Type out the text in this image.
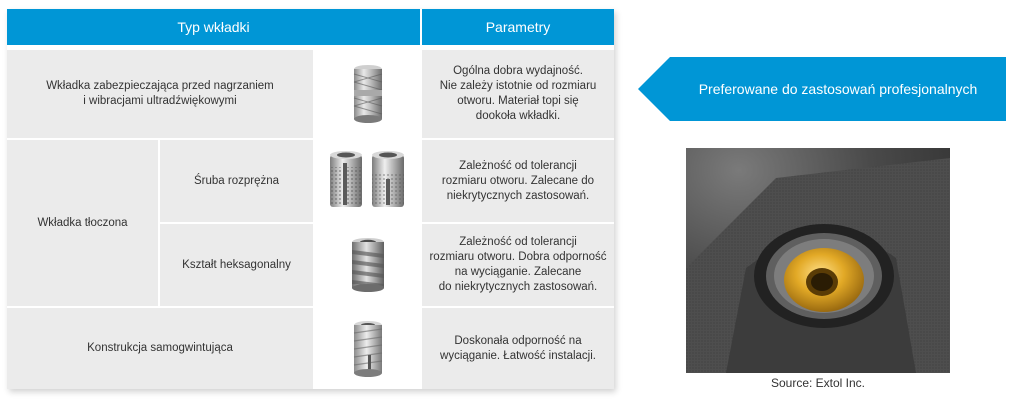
Typ wkładki	Parametry
Wkładka zabezpieczająca przed nagrzaniem
i wibracjami ultradźwiękowymi
Ogólna dobra wydajność.
Nie zależy istotnie od rozmiaru
otworu. Materiał topi się
dookoła wkładki.
Wkładka tłoczona
Śruba rozprężna
Zależność od tolerancji
rozmiaru otworu. Zalecane do
niekrytycznych zastosowań.
Kształt heksagonalny
Zależność od tolerancji
rozmiaru otworu. Dobra odporność
na wyciąganie. Zalecane
do niekrytycznych zastosowań.
Konstrukcja samogwintująca
Doskonała odporność na
wyciąganie. Łatwość instalacji.
Preferowane do zastosowań profesjonalnych
Source: Extol Inc.
